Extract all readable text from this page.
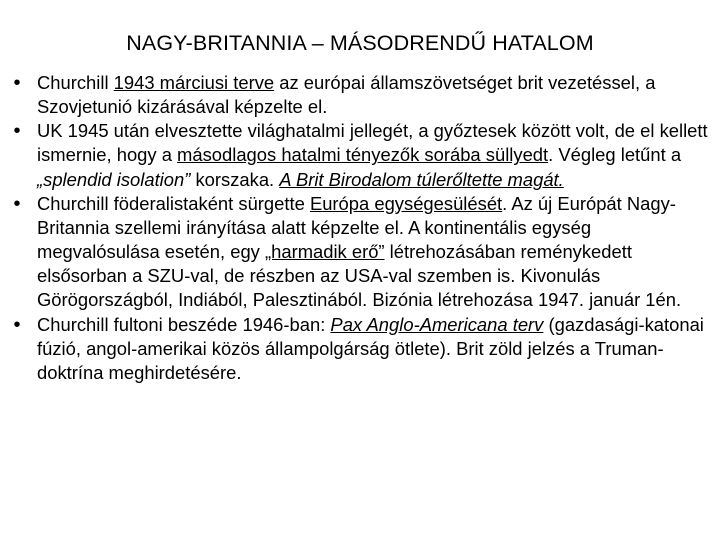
NAGY-BRITANNIA – MÁSODRENDŰ HATALOM
• Churchill 1943 márciusi terve az európai államszövetséget brit vezetéssel, a Szovjetunió kizárásával képzelte el.
• UK 1945 után elvesztette világhatalmi jellegét, a győztesek között volt, de el kellett ismernie, hogy a másodlagos hatalmi tényezők sorába süllyedt. Végleg letűnt a „splendid isolation” korszaka. A Brit Birodalom túlerőltette magát.
• Churchill föderalistaként sürgette Európa egységesülését. Az új Európát Nagy-Britannia szellemi irányítása alatt képzelte el. A kontinentális egység megvalósulása esetén, egy „harmadik erő” létrehozásában reménykedett elsősorban a SZU-val, de részben az USA-val szemben is. Kivonulás Görögországból, Indiából, Palesztinából. Bizónia létrehozása 1947. január 1én.
• Churchill fultoni beszéde 1946-ban: Pax Anglo-Americana terv (gazdasági-katonai fúzió, angol-amerikai közös állampolgárság ötlete). Brit zöld jelzés a Truman-doktrína meghirdetésére.
